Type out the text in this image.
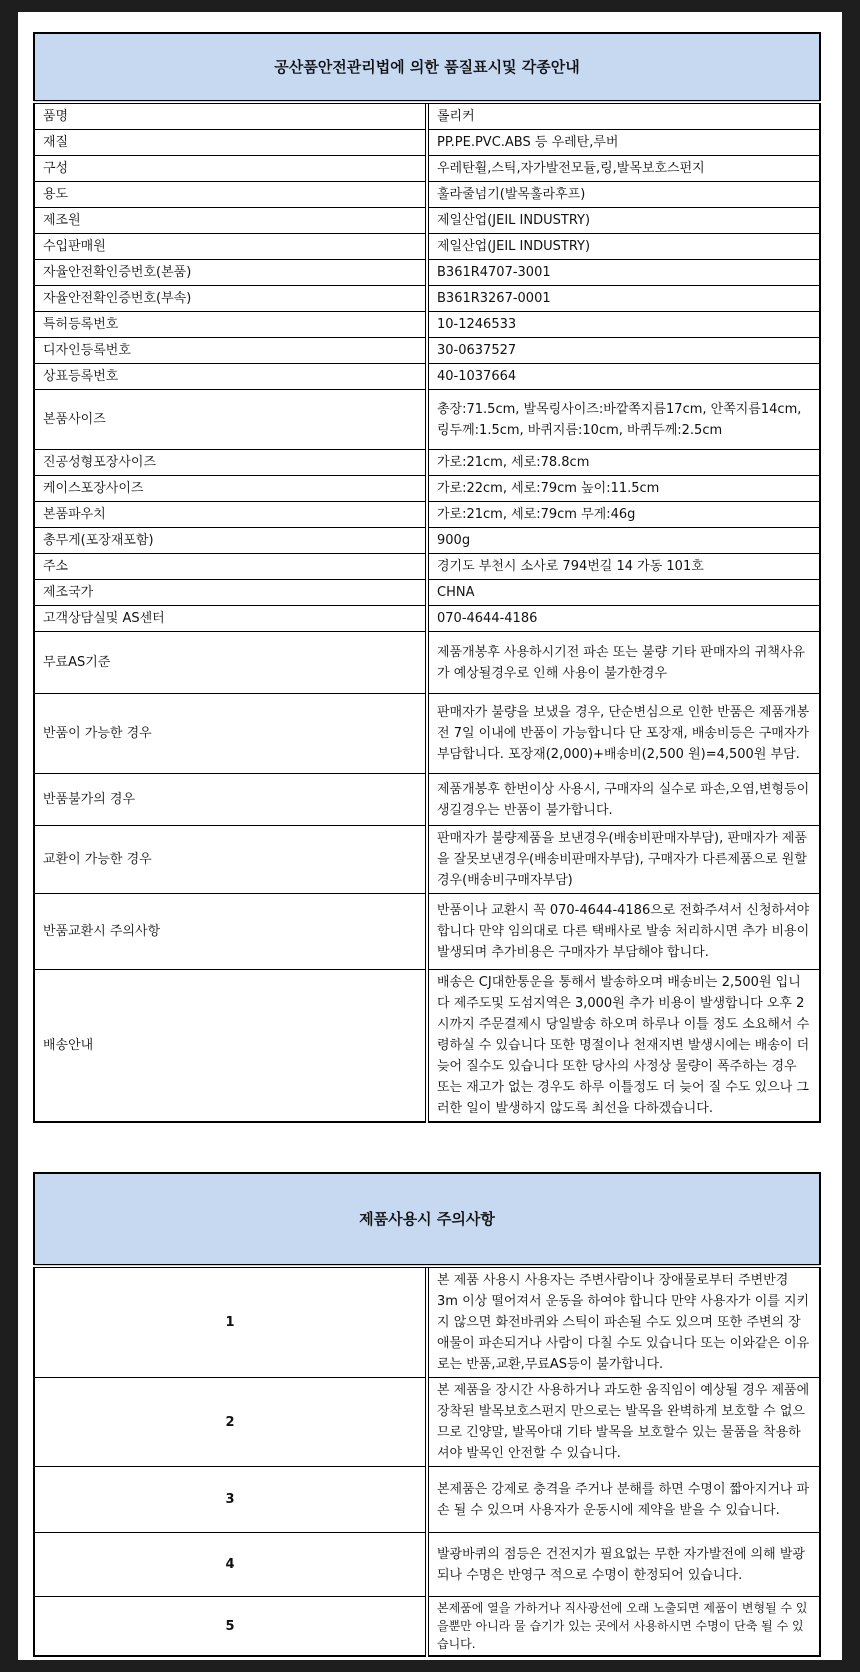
공산품안전관리법에 의한 품질표시및 각종안내	
품명	롤리커
재질	PP.PE.PVC.ABS 등 우레탄,루버
구성	우레탄휠,스틱,자가발전모듈,링,발목보호스펀지
용도	훌라줄넘기(발목훌라후프)
제조원	제일산업(JEIL INDUSTRY)
수입판매원	제일산업(JEIL INDUSTRY)
자율안전확인증번호(본품)	B361R4707-3001
자율안전확인증번호(부속)	B361R3267-0001
특허등록번호	10-1246533
디자인등록번호	30-0637527
상표등록번호	40-1037664
본품사이즈	총장:71.5cm, 발목링사이즈:바깥쪽지름17cm, 안쪽지름14cm, 링두께:1.5cm, 바퀴지름:10cm, 바퀴두께:2.5cm
진공성형포장사이즈	가로:21cm, 세로:78.8cm
케이스포장사이즈	가로:22cm, 세로:79cm 높이:11.5cm
본품파우치	가로:21cm, 세로:79cm 무게:46g
총무게(포장재포함)	900g
주소	경기도 부천시 소사로 794번길 14 가동 101호
제조국가	CHNA
고객상담실및 AS센터	070-4644-4186
무료AS기준	제품개봉후 사용하시기전 파손 또는 불량 기타 판매자의 귀책사유가 예상될경우로 인해 사용이 불가한경우
반품이 가능한 경우	판매자가 불량을 보냈을 경우, 단순변심으로 인한 반품은 제품개봉전 7일 이내에 반품이 가능합니다 단 포장재, 배송비등은 구매자가 부담합니다. 포장재(2,000)+배송비(2,500 원)=4,500원 부담.
반품불가의 경우	제품개봉후 한번이상 사용시, 구매자의 실수로 파손,오염,변형등이 생길경우는 반품이 불가합니다.
교환이 가능한 경우	판매자가 불량제품을 보낸경우(배송비판매자부담), 판매자가 제품을 잘못보낸경우(배송비판매자부담), 구매자가 다른제품으로 원할경우(배송비구매자부담)
반품교환시 주의사항	반품이나 교환시 꼭 070-4644-4186으로 전화주셔서 신청하셔야 합니다 만약 임의대로 다른 택배사로 발송 처리하시면 추가 비용이 발생되며 추가비용은 구매자가 부담해야 합니다.
배송안내	배송은 CJ대한통운을 통해서 발송하오며 배송비는 2,500원 입니다 제주도및 도섬지역은 3,000원 추가 비용이 발생합니다 오후 2시까지 주문결제시 당일발송 하오며 하루나 이틀 정도 소요해서 수령하실 수 있습니다 또한 명절이나 천재지변 발생시에는 배송이 더 늦어 질수도 있습니다 또한 당사의 사정상 물량이 폭주하는 경우 또는 재고가 없는 경우도 하루 이틀정도 더 늦어 질 수도 있으나 그러한 일이 발생하지 않도록 최선을 다하겠습니다.
제품사용시 주의사항	
1	본 제품 사용시 사용자는 주변사람이나 장애물로부터 주변반경 3m 이상 떨어져서 운동을 하여야 합니다 만약 사용자가 이를 지키지 않으면 화전바퀴와 스틱이 파손될 수도 있으며 또한 주변의 장애물이 파손되거나 사람이 다칠 수도 있습니다 또는 이와같은 이유로는 반품,교환,무료AS등이 불가합니다.
2	본 제품을 장시간 사용하거나 과도한 움직임이 예상될 경우 제품에 장착된 발목보호스펀지 만으로는 발목을 완벽하게 보호할 수 없으므로 긴양말, 발목아대 기타 발목을 보호할수 있는 물품을 착용하셔야 발목인 안전할 수 있습니다.
3	본제품은 강제로 충격을 주거나 분해를 하면 수명이 짧아지거나 파손 될 수 있으며 사용자가 운동시에 제약을 받을 수 있습니다.
4	발광바퀴의 점등은 건전지가 필요없는 무한 자가발전에 의해 발광되나 수명은 반영구 적으로 수명이 한정되어 있습니다.
5	본제품에 열을 가하거나 직사광선에 오래 노출되면 제품이 변형될 수 있을뿐만 아니라 물 습기가 있는 곳에서 사용하시면 수명이 단축 될 수 있습니다.
